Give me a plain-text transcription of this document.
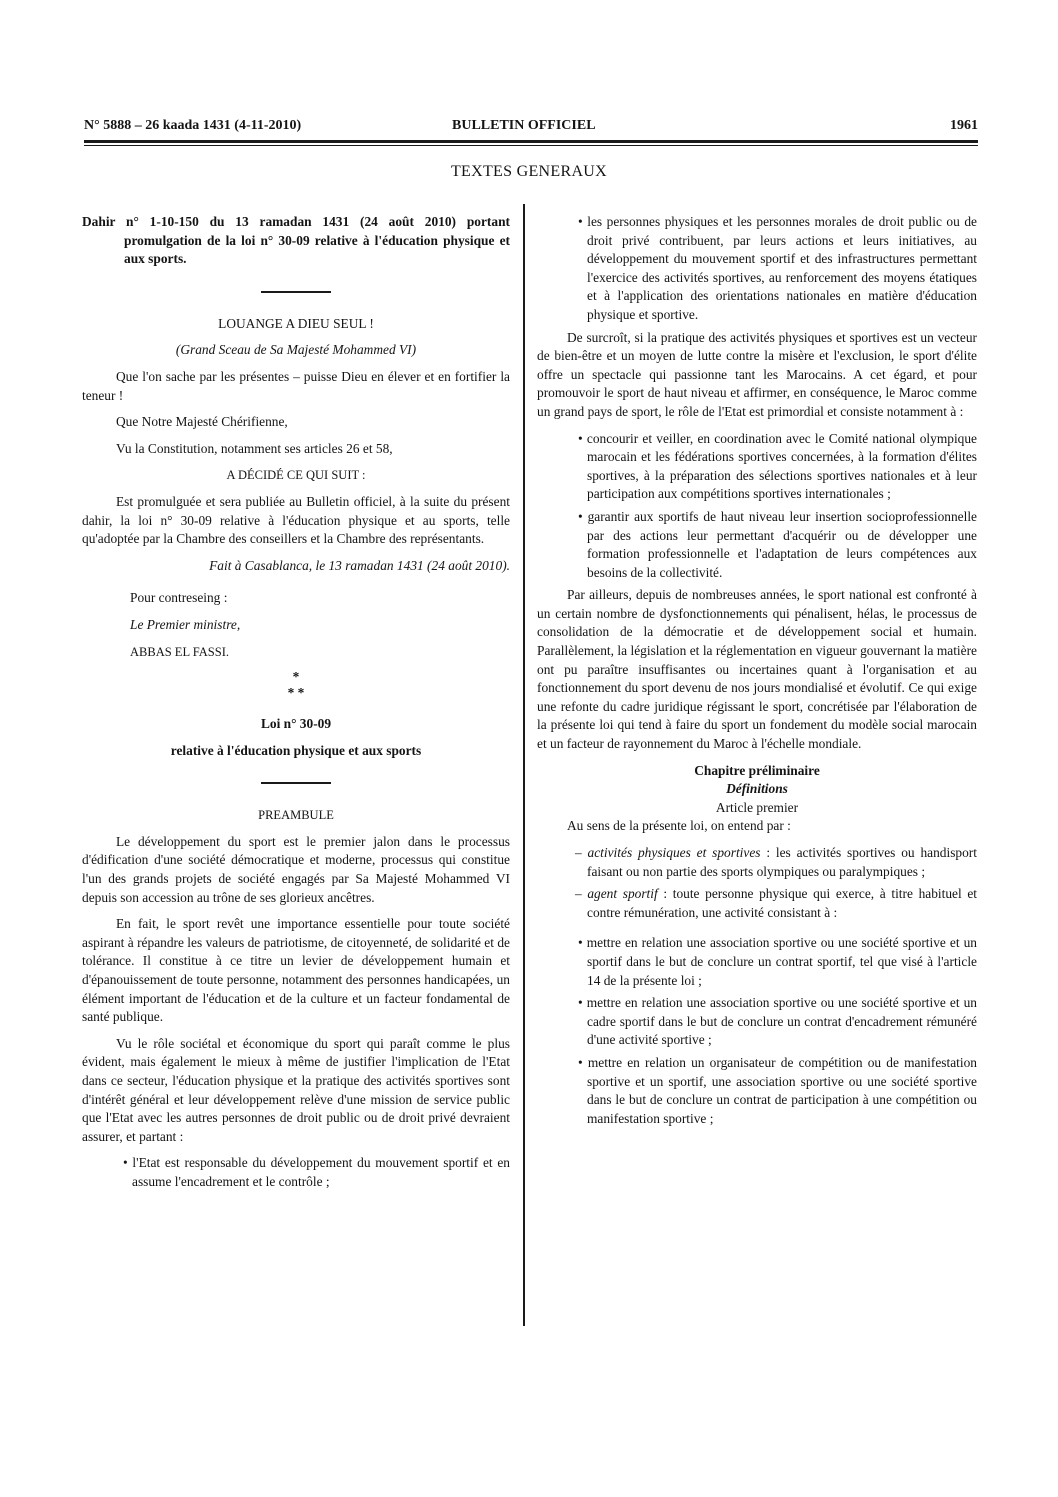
N° 5888 – 26 kaada 1431 (4-11-2010)	BULLETIN OFFICIEL	1961
TEXTES GENERAUX

Dahir n° 1-10-150 du 13 ramadan 1431 (24 août 2010) portant promulgation de la loi n° 30-09 relative à l'éducation physique et aux sports.

LOUANGE A DIEU SEUL !

(Grand Sceau de Sa Majesté Mohammed VI)

Que l'on sache par les présentes – puisse Dieu en élever et en fortifier la teneur !

Que Notre Majesté Chérifienne,

Vu la Constitution, notamment ses articles 26 et 58,

A DÉCIDÉ CE QUI SUIT :

Est promulguée et sera publiée au Bulletin officiel, à la suite du présent dahir, la loi n° 30-09 relative à l'éducation physique et au sports, telle qu'adoptée par la Chambre des conseillers et la Chambre des représentants.

Fait à Casablanca, le 13 ramadan 1431 (24 août 2010).

Pour contreseing :

Le Premier ministre,

ABBAS EL FASSI.

*

* *

Loi n° 30-09

relative à l'éducation physique et aux sports

PREAMBULE

Le développement du sport est le premier jalon dans le processus d'édification d'une société démocratique et moderne, processus qui constitue l'un des grands projets de société engagés par Sa Majesté Mohammed VI depuis son accession au trône de ses glorieux ancêtres.

En fait, le sport revêt une importance essentielle pour toute société aspirant à répandre les valeurs de patriotisme, de citoyenneté, de solidarité et de tolérance. Il constitue à ce titre un levier de développement humain et d'épanouissement de toute personne, notamment des personnes handicapées, un élément important de l'éducation et de la culture et un facteur fondamental de santé publique.

Vu le rôle sociétal et économique du sport qui paraît comme le plus évident, mais également le mieux à même de justifier l'implication de l'Etat dans ce secteur, l'éducation physique et la pratique des activités sportives sont d'intérêt général et leur développement relève d'une mission de service public que l'Etat avec les autres personnes de droit public ou de droit privé devraient assurer, et partant :

• l'Etat est responsable du développement du mouvement sportif et en assume l'encadrement et le contrôle ;

• les personnes physiques et les personnes morales de droit public ou de droit privé contribuent, par leurs actions et leurs initiatives, au développement du mouvement sportif et des infrastructures permettant l'exercice des activités sportives, au renforcement des moyens étatiques et à l'application des orientations nationales en matière d'éducation physique et sportive.

De surcroît, si la pratique des activités physiques et sportives est un vecteur de bien-être et un moyen de lutte contre la misère et l'exclusion, le sport d'élite offre un spectacle qui passionne tant les Marocains. A cet égard, et pour promouvoir le sport de haut niveau et affirmer, en conséquence, le Maroc comme un grand pays de sport, le rôle de l'Etat est primordial et consiste notamment à :

• concourir et veiller, en coordination avec le Comité national olympique marocain et les fédérations sportives concernées, à la formation d'élites sportives, à la préparation des sélections sportives nationales et à leur participation aux compétitions sportives internationales ;

• garantir aux sportifs de haut niveau leur insertion socioprofessionnelle par des actions leur permettant d'acquérir ou de développer une formation professionnelle et l'adaptation de leurs compétences aux besoins de la collectivité.

Par ailleurs, depuis de nombreuses années, le sport national est confronté à un certain nombre de dysfonctionnements qui pénalisent, hélas, le processus de consolidation de la démocratie et de développement social et humain. Parallèlement, la législation et la réglementation en vigueur gouvernant la matière ont pu paraître insuffisantes ou incertaines quant à l'organisation et au fonctionnement du sport devenu de nos jours mondialisé et évolutif. Ce qui exige une refonte du cadre juridique régissant le sport, concrétisée par l'élaboration de la présente loi qui tend à faire du sport un fondement du modèle social marocain et un facteur de rayonnement du Maroc à l'échelle mondiale.

Chapitre préliminaire

Définitions

Article premier

Au sens de la présente loi, on entend par :

– activités physiques et sportives : les activités sportives ou handisport faisant ou non partie des sports olympiques ou paralympiques ;

– agent sportif : toute personne physique qui exerce, à titre habituel et contre rémunération, une activité consistant à :

• mettre en relation une association sportive ou une société sportive et un sportif dans le but de conclure un contrat sportif, tel que visé à l'article 14 de la présente loi ;

• mettre en relation une association sportive ou une société sportive et un cadre sportif dans le but de conclure un contrat d'encadrement rémunéré d'une activité sportive ;

• mettre en relation un organisateur de compétition ou de manifestation sportive et un sportif, une association sportive ou une société sportive dans le but de conclure un contrat de participation à une compétition ou manifestation sportive ;
